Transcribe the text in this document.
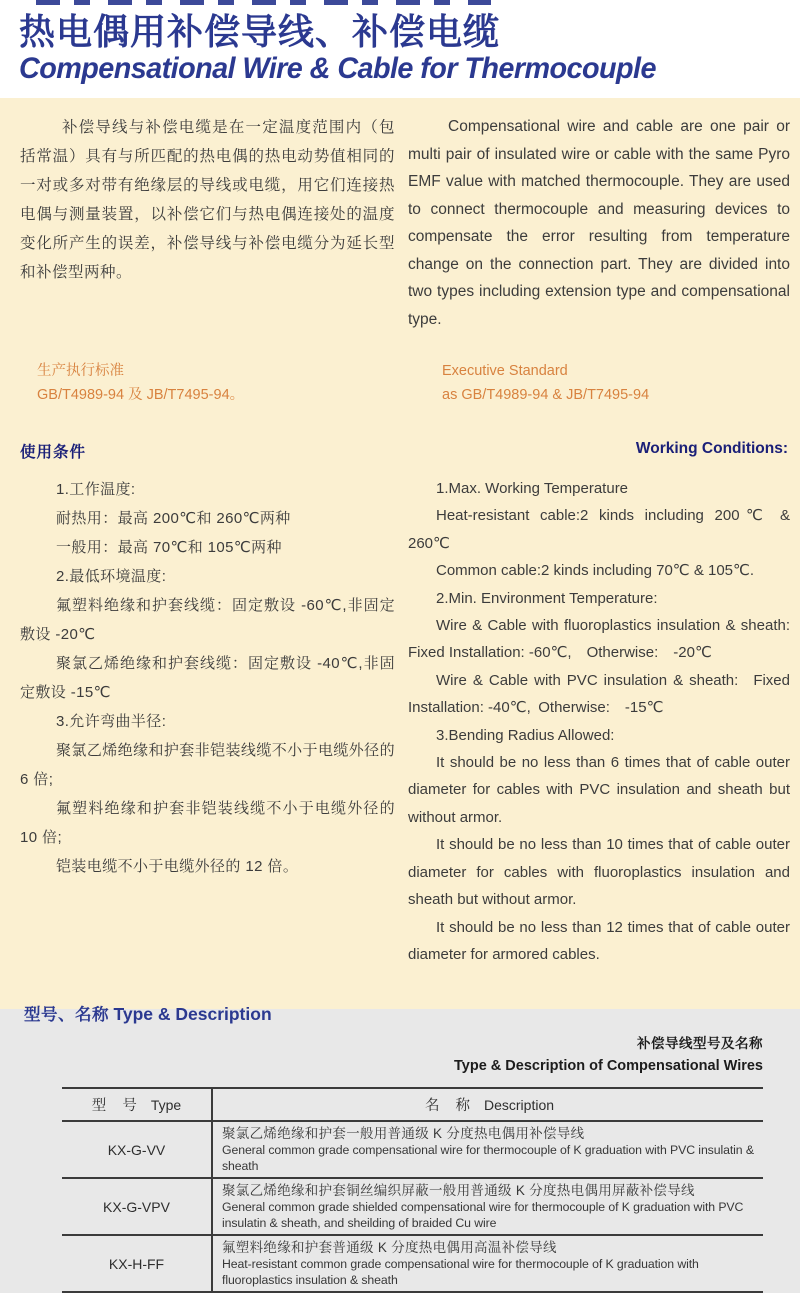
热电偶用补偿导线、补偿电缆
Compensational Wire & Cable for Thermocouple

补偿导线与补偿电缆是在一定温度范围内（包括常温）具有与所匹配的热电偶的热电动势值相同的一对或多对带有绝缘层的导线或电缆，用它们连接热电偶与测量装置，以补偿它们与热电偶连接处的温度变化所产生的误差，补偿导线与补偿电缆分为延长型和补偿型两种。

Compensational wire and cable are one pair or multi pair of insulated wire or cable with the same Pyro EMF value with matched thermocouple. They are used to connect thermocouple and measuring devices to compensate the error resulting from temperature change on the connection part. They are divided into two types including extension type and compensational type.

生产执行标准
GB/T4989-94 及 JB/T7495-94。
Executive Standard
as GB/T4989-94 & JB/T7495-94
使用条件	Working Conditions:

1.工作温度:

耐热用：最高 200℃和 260℃两种

一般用：最高 70℃和 105℃两种

2.最低环境温度:

氟塑料绝缘和护套线缆：固定敷设 -60℃,非固定敷设 -20℃

聚氯乙烯绝缘和护套线缆：固定敷设 -40℃,非固定敷设 -15℃

3.允许弯曲半径:

聚氯乙烯绝缘和护套非铠装线缆不小于电缆外径的 6 倍;

氟塑料绝缘和护套非铠装线缆不小于电缆外径的 10 倍;

铠装电缆不小于电缆外径的 12 倍。

1.Max. Working Temperature

Heat-resistant cable:2 kinds including 200℃ & 260℃

Common cable:2 kinds including 70℃ & 105℃.

2.Min. Environment Temperature:

Wire & Cable with fluoroplastics insulation & sheath: Fixed Installation: -60℃,  Otherwise:  -20℃

Wire & Cable with PVC insulation & sheath:  Fixed Installation: -40℃, Otherwise:  -15℃

3.Bending Radius Allowed:

It should be no less than 6 times that of cable outer diameter for cables with PVC insulation and sheath but without armor.

It should be no less than 10 times that of cable outer diameter for cables with fluoroplastics insulation and sheath but without armor.

It should be no less than 12 times that of cable outer diameter for armored cables.

型号、名称 Type & Description
补偿导线型号及名称
Type & Description of Compensational Wires
型 号 Type	名 称 Description
KX-G-VV	聚氯乙烯绝缘和护套一般用普通级 K 分度热电偶用补偿导线
General common grade compensational wire for thermocouple of K graduation with PVC insulatin & sheath

KX-G-VPV	聚氯乙烯绝缘和护套铜丝编织屏蔽一般用普通级 K 分度热电偶用屏蔽补偿导线
General common grade shielded compensational wire for thermocouple of K graduation with PVC insulatin & sheath, and sheilding of braided Cu wire

KX-H-FF	氟塑料绝缘和护套普通级 K 分度热电偶用高温补偿导线
Heat-resistant common grade compensational wire for thermocouple of K graduation with fluoroplastics insulation & sheath
